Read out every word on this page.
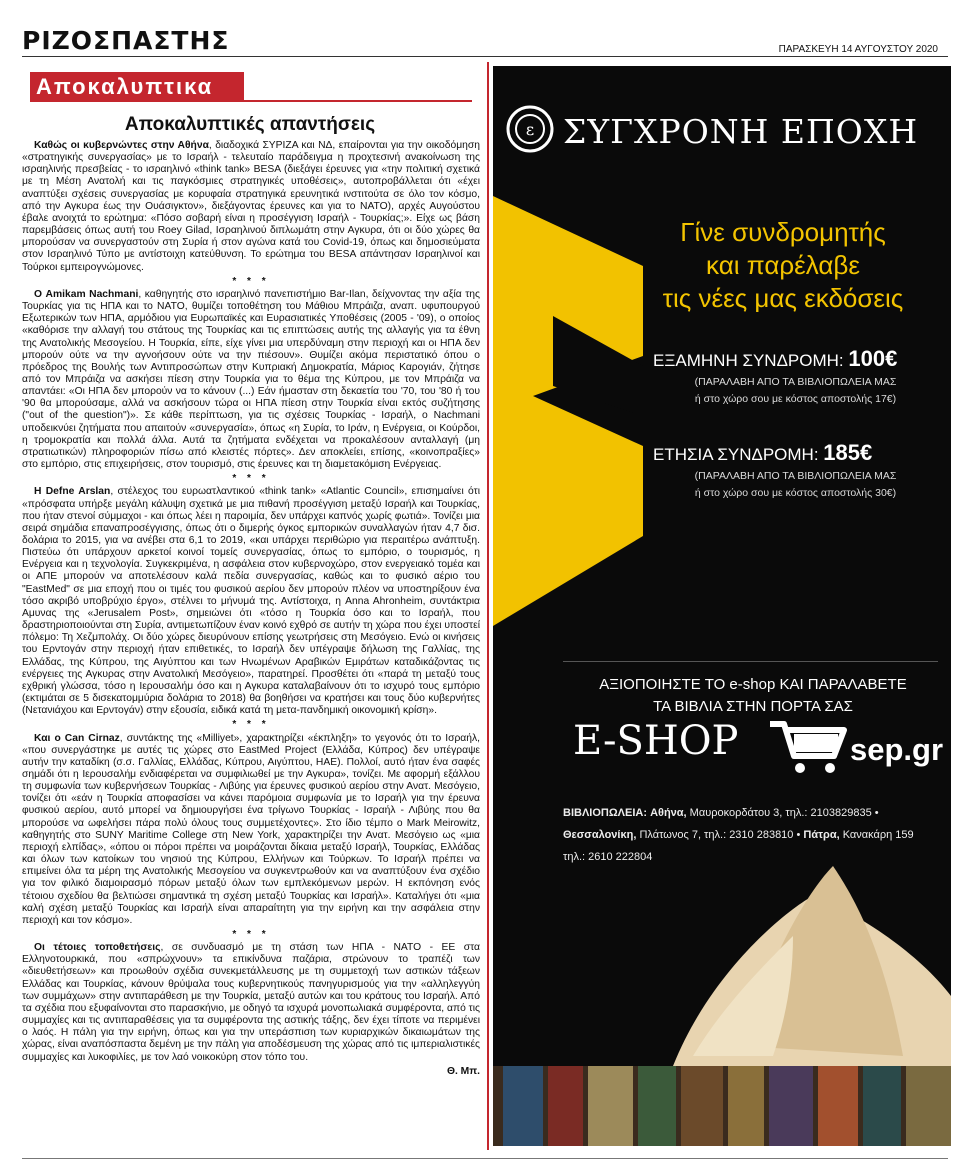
ΡΙΖΟΣΠΑΣΤΗΣ	ΠΑΡΑΣΚΕΥΗ 14 ΑΥΓΟΥΣΤΟΥ 2020
Αποκαλυπτικα
Αποκαλυπτικές απαντήσεις

Καθώς οι κυβερνώντες στην Αθήνα, διαδοχικά ΣΥΡΙΖΑ και ΝΔ, επαίρονται για την οικοδόμηση «στρατηγικής συνεργασίας» με το Ισραήλ - τελευταίο παράδειγμα η προχτεσινή ανακοίνωση της ισραηλινής πρεσβείας - το ισραηλινό «think tank» BESA (διεξάγει έρευνες για «την πολιτική σχετικά με τη Μέση Ανατολή και τις παγκόσμιες στρατηγικές υποθέσεις», αυτοπροβάλλεται ότι «έχει αναπτύξει σχέσεις συνεργασίας με κορυφαία στρατηγικά ερευνητικά ινστιτούτα σε όλο τον κόσμο, από την Αγκυρα έως την Ουάσιγκτον», διεξάγοντας έρευνες και για το ΝΑΤΟ), αρχές Αυγούστου έβαλε ανοιχτά το ερώτημα: «Πόσο σοβαρή είναι η προσέγγιση Ισραήλ - Τουρκίας;». Είχε ως βάση παρεμβάσεις όπως αυτή του Roey Gilad, Ισραηλινού διπλωμάτη στην Αγκυρα, ότι οι δύο χώρες θα μπορούσαν να συνεργαστούν στη Συρία ή στον αγώνα κατά του Covid-19, όπως και δημοσιεύματα στον Ισραηλινό Τύπο με αντίστοιχη κατεύθυνση. Το ερώτημα του BESA απάντησαν Ισραηλινοί και Τούρκοι εμπειρογνώμονες.

* * *

Ο Amikam Nachmani, καθηγητής στο ισραηλινό πανεπιστήμιο Bar-Ilan, δείχνοντας την αξία της Τουρκίας για τις ΗΠΑ και το ΝΑΤΟ, θυμίζει τοποθέτηση του Μάθιου Μπράιζα, αναπ. υφυπουργού Εξωτερικών των ΗΠΑ, αρμόδιου για Ευρωπαϊκές και Ευρασιατικές Υποθέσεις (2005 - '09), ο οποίος «καθόρισε την αλλαγή του στάτους της Τουρκίας και τις επιπτώσεις αυτής της αλλαγής για τα έθνη της Ανατολικής Μεσογείου. Η Τουρκία, είπε, είχε γίνει μια υπερδύναμη στην περιοχή και οι ΗΠΑ δεν μπορούν ούτε να την αγνοήσουν ούτε να την πιέσουν». Θυμίζει ακόμα περιστατικό όπου ο πρόεδρος της Βουλής των Αντιπροσώπων στην Κυπριακή Δημοκρατία, Μάριος Καρογιάν, ζήτησε από τον Μπράιζα να ασκήσει πίεση στην Τουρκία για το θέμα της Κύπρου, με τον Μπράιζα να απαντάει: «Οι ΗΠΑ δεν μπορούν να το κάνουν (...) Εάν ήμασταν στη δεκαετία του '70, του '80 ή του '90 θα μπορούσαμε, αλλά να ασκήσουν τώρα οι ΗΠΑ πίεση στην Τουρκία είναι εκτός συζήτησης ("out of the question")». Σε κάθε περίπτωση, για τις σχέσεις Τουρκίας - Ισραήλ, ο Nachmani υποδεικνύει ζητήματα που απαιτούν «συνεργασία», όπως «η Συρία, το Ιράν, η Ενέργεια, οι Κούρδοι, η τρομοκρατία και πολλά άλλα. Αυτά τα ζητήματα ενδέχεται να προκαλέσουν ανταλλαγή (μη στρατιωτικών) πληροφοριών πίσω από κλειστές πόρτες». Δεν αποκλείει, επίσης, «κοινοπραξίες» στο εμπόριο, στις επιχειρήσεις, στον τουρισμό, στις έρευνες και τη διαμετακόμιση Ενέργειας.

* * *

Η Defne Arslan, στέλεχος του ευρωατλαντικού «think tank» «Atlantic Council», επισημαίνει ότι «πρόσφατα υπήρξε μεγάλη κάλυψη σχετικά με μια πιθανή προσέγγιση μεταξύ Ισραήλ και Τουρκίας, που ήταν στενοί σύμμαχοι - και όπως λέει η παροιμία, δεν υπάρχει καπνός χωρίς φωτιά». Τονίζει μια σειρά σημάδια επαναπροσέγγισης, όπως ότι ο διμερής όγκος εμπορικών συναλλαγών ήταν 4,7 δισ. δολάρια το 2015, για να ανέβει στα 6,1 το 2019, «και υπάρχει περιθώριο για περαιτέρω ανάπτυξη. Πιστεύω ότι υπάρχουν αρκετοί κοινοί τομείς συνεργασίας, όπως το εμπόριο, ο τουρισμός, η Ενέργεια και η τεχνολογία. Συγκεκριμένα, η ασφάλεια στον κυβερνοχώρο, στον ενεργειακό τομέα και οι ΑΠΕ μπορούν να αποτελέσουν καλά πεδία συνεργασίας, καθώς και το φυσικό αέριο του "EastMed" σε μια εποχή που οι τιμές του φυσικού αερίου δεν μπορούν πλέον να υποστηρίξουν ένα τόσο ακριβό υποβρύχιο έργο», στέλνει το μήνυμά της. Αντίστοιχα, η Anna Ahronheim, συντάκτρια Αμυνας της «Jerusalem Post», σημειώνει ότι «τόσο η Τουρκία όσο και το Ισραήλ, που δραστηριοποιούνται στη Συρία, αντιμετωπίζουν έναν κοινό εχθρό σε αυτήν τη χώρα που έχει υποστεί πόλεμο: Τη Χεζμπολάχ. Οι δύο χώρες διευρύνουν επίσης γεωτρήσεις στη Μεσόγειο. Ενώ οι κινήσεις του Ερντογάν στην περιοχή ήταν επιθετικές, το Ισραήλ δεν υπέγραψε δήλωση της Γαλλίας, της Ελλάδας, της Κύπρου, της Αιγύπτου και των Ηνωμένων Αραβικών Εμιράτων καταδικάζοντας τις ενέργειες της Αγκυρας στην Ανατολική Μεσόγειο», παρατηρεί. Προσθέτει ότι «παρά τη μεταξύ τους εχθρική γλώσσα, τόσο η Ιερουσαλήμ όσο και η Αγκυρα καταλαβαίνουν ότι το ισχυρό τους εμπόριο (εκτιμάται σε 5 δισεκατομμύρια δολάρια το 2018) θα βοηθήσει να κρατήσει και τους δύο κυβερνήτες (Νετανιάχου και Ερντογάν) στην εξουσία, ειδικά κατά τη μετα-πανδημική οικονομική κρίση».

* * *

Και ο Can Cirnaz, συντάκτης της «Milliyet», χαρακτηρίζει «έκπληξη» το γεγονός ότι το Ισραήλ, «που συνεργάστηκε με αυτές τις χώρες στο EastMed Project (Ελλάδα, Κύπρος) δεν υπέγραψε αυτήν την καταδίκη (σ.σ. Γαλλίας, Ελλάδας, Κύπρου, Αιγύπτου, ΗΑΕ). Πολλοί, αυτό ήταν ένα σαφές σημάδι ότι η Ιερουσαλήμ ενδιαφέρεται να συμφιλιωθεί με την Αγκυρα», τονίζει. Με αφορμή εξάλλου τη συμφωνία των κυβερνήσεων Τουρκίας - Λιβύης για έρευνες φυσικού αερίου στην Ανατ. Μεσόγειο, τονίζει ότι «εάν η Τουρκία αποφασίσει να κάνει παρόμοια συμφωνία με το Ισραήλ για την έρευνα φυσικού αερίου, αυτό μπορεί να δημιουργήσει ένα τρίγωνο Τουρκίας - Ισραήλ - Λιβύης που θα μπορούσε να ωφελήσει πάρα πολύ όλους τους συμμετέχοντες». Στο ίδιο τέμπο ο Mark Meirowitz, καθηγητής στο SUNY Maritime College στη New York, χαρακτηρίζει την Ανατ. Μεσόγειο ως «μια περιοχή ελπίδας», «όπου οι πόροι πρέπει να μοιράζονται δίκαια μεταξύ Ισραήλ, Τουρκίας, Ελλάδας και όλων των κατοίκων του νησιού της Κύπρου, Ελλήνων και Τούρκων. Το Ισραήλ πρέπει να επιμείνει όλα τα μέρη της Ανατολικής Μεσογείου να συγκεντρωθούν και να αναπτύξουν ένα σχέδιο για τον φιλικό διαμοιρασμό πόρων μεταξύ όλων των εμπλεκόμενων μερών. Η εκπόνηση ενός τέτοιου σχεδίου θα βελτιώσει σημαντικά τη σχέση μεταξύ Τουρκίας και Ισραήλ». Καταλήγει ότι «μια καλή σχέση μεταξύ Τουρκίας και Ισραήλ είναι απαραίτητη για την ειρήνη και την ασφάλεια στην περιοχή και τον κόσμο».

* * *

Οι τέτοιες τοποθετήσεις, σε συνδυασμό με τη στάση των ΗΠΑ - ΝΑΤΟ - ΕΕ στα Ελληνοτουρκικά, που «σπρώχνουν» τα επικίνδυνα παζάρια, στρώνουν το τραπέζι των «διευθετήσεων» και προωθούν σχέδια συνεκμετάλλευσης με τη συμμετοχή των αστικών τάξεων Ελλάδας και Τουρκίας, κάνουν θρύψαλα τους κυβερνητικούς πανηγυρισμούς για την «αλληλεγγύη των συμμάχων» στην αντιπαράθεση με την Τουρκία, μεταξύ αυτών και του κράτους του Ισραήλ. Από τα σχέδια που εξυφαίνονται στο παρασκήνιο, με οδηγό τα ισχυρά μονοπωλιακά συμφέροντα, από τις συμμαχίες και τις αντιπαραθέσεις για τα συμφέροντα της αστικής τάξης, δεν έχει τίποτε να περιμένει ο λαός. Η πάλη για την ειρήνη, όπως και για την υπεράσπιση των κυριαρχικών δικαιωμάτων της χώρας, είναι αναπόσπαστα δεμένη με την πάλη για αποδέσμευση της χώρας από τις ιμπεριαλιστικές συμμαχίες και λυκοφιλίες, με τον λαό νοικοκύρη στον τόπο του.

Θ. Μπ.
ε ΣΥΓΧΡΟΝΗ ΕΠΟΧΗ
Γίνε συνδρομητής
και παρέλαβε
τις νέες μας εκδόσεις
ΕΞΑΜΗΝΗ ΣΥΝΔΡΟΜΗ: 100€
(ΠΑΡΑΛΑΒΗ ΑΠΟ ΤΑ ΒΙΒΛΙΟΠΩΛΕΙΑ ΜΑΣ
ή στο χώρο σου με κόστος αποστολής 17€)
ΕΤΗΣΙΑ ΣΥΝΔΡΟΜΗ: 185€
(ΠΑΡΑΛΑΒΗ ΑΠΟ ΤΑ ΒΙΒΛΙΟΠΩΛΕΙΑ ΜΑΣ
ή στο χώρο σου με κόστος αποστολής 30€)
ΑΞΙΟΠΟΙΗΣΤΕ ΤΟ e-shop ΚΑΙ ΠΑΡΑΛΑΒΕΤΕ
ΤΑ ΒΙΒΛΙΑ ΣΤΗΝ ΠΟΡΤΑ ΣΑΣ
E-SHOP	sep.gr
ΒΙΒΛΙΟΠΩΛΕΙΑ: Αθήνα, Μαυροκορδάτου 3, τηλ.: 2103829835 •
Θεσσαλονίκη, Πλάτωνος 7, τηλ.: 2310 283810 • Πάτρα, Κανακάρη 159
τηλ.: 2610 222804
